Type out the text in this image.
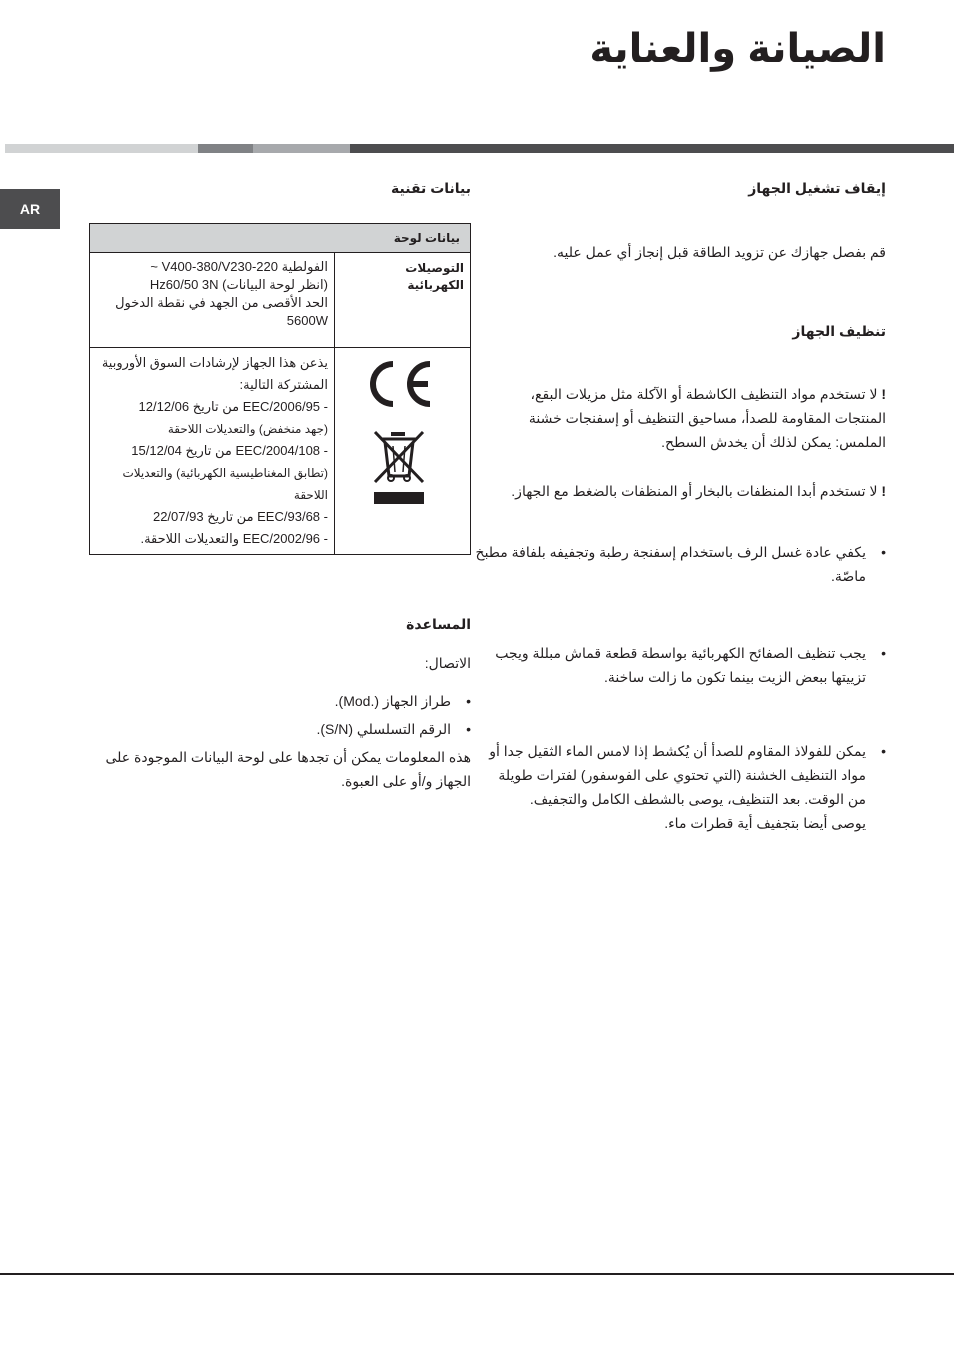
الصيانة والعناية
AR
إيقاف تشغيل الجهاز
قم بفصل جهازك عن تزويد الطاقة قبل إنجاز أي عمل عليه.
تنظيف الجهاز
! لا تستخدم مواد التنظيف الكاشطة أو الآكلة مثل مزيلات البقع،
المنتجات المقاومة للصدأ، مساحيق التنظيف أو إسفنجات خشنة
الملمس: يمكن لذلك أن يخدش السطح.
! لا تستخدم أبدا المنظفات بالبخار أو المنظفات بالضغط مع الجهاز.
• يكفي عادة غسل الرف باستخدام إسفنجة رطبة وتجفيفه بلفافة مطبخ
ماصّة.
• يجب تنظيف الصفائح الكهربائية بواسطة قطعة قماش مبللة ويجب
تزييتها ببعض الزيت بينما تكون ما زالت ساخنة.
• يمكن للفولاذ المقاوم للصدأ أن يُكشط إذا لامس الماء الثقيل جدا أو
مواد التنظيف الخشنة (التي تحتوي على الفوسفور) لفترات طويلة
من الوقت. بعد التنظيف، يوصى بالشطف الكامل والتجفيف.
يوصى أيضا بتجفيف أية قطرات ماء.
بيانات تقنية
بيانات لوحة
التوصيلات
الكهربائية
الفولطية V400-380/V230-220 ~
(انظر لوحة البيانات) Hz60/50 3N
الحد الأقصى من الجهد في نقطة الدخول
5600W
يذعن هذا الجهاز لإرشادات السوق الأوروبية
المشتركة التالية:
- 2006/95/EEC من تاريخ 12/12/06
(جهد منخفض) والتعديلات اللاحقة
- 2004/108/EEC من تاريخ 15/12/04
(تطابق المغناطيسية الكهربائية) والتعديلات اللاحقة
- 93/68/EEC من تاريخ 22/07/93
- 2002/96/EEC والتعديلات اللاحقة.
المساعدة
الاتصال:
• طراز الجهاز (.Mod).
• الرقم التسلسلي (S/N).
هذه المعلومات يمكن أن تجدها على لوحة البيانات الموجودة على
الجهاز و/أو على العبوة.
